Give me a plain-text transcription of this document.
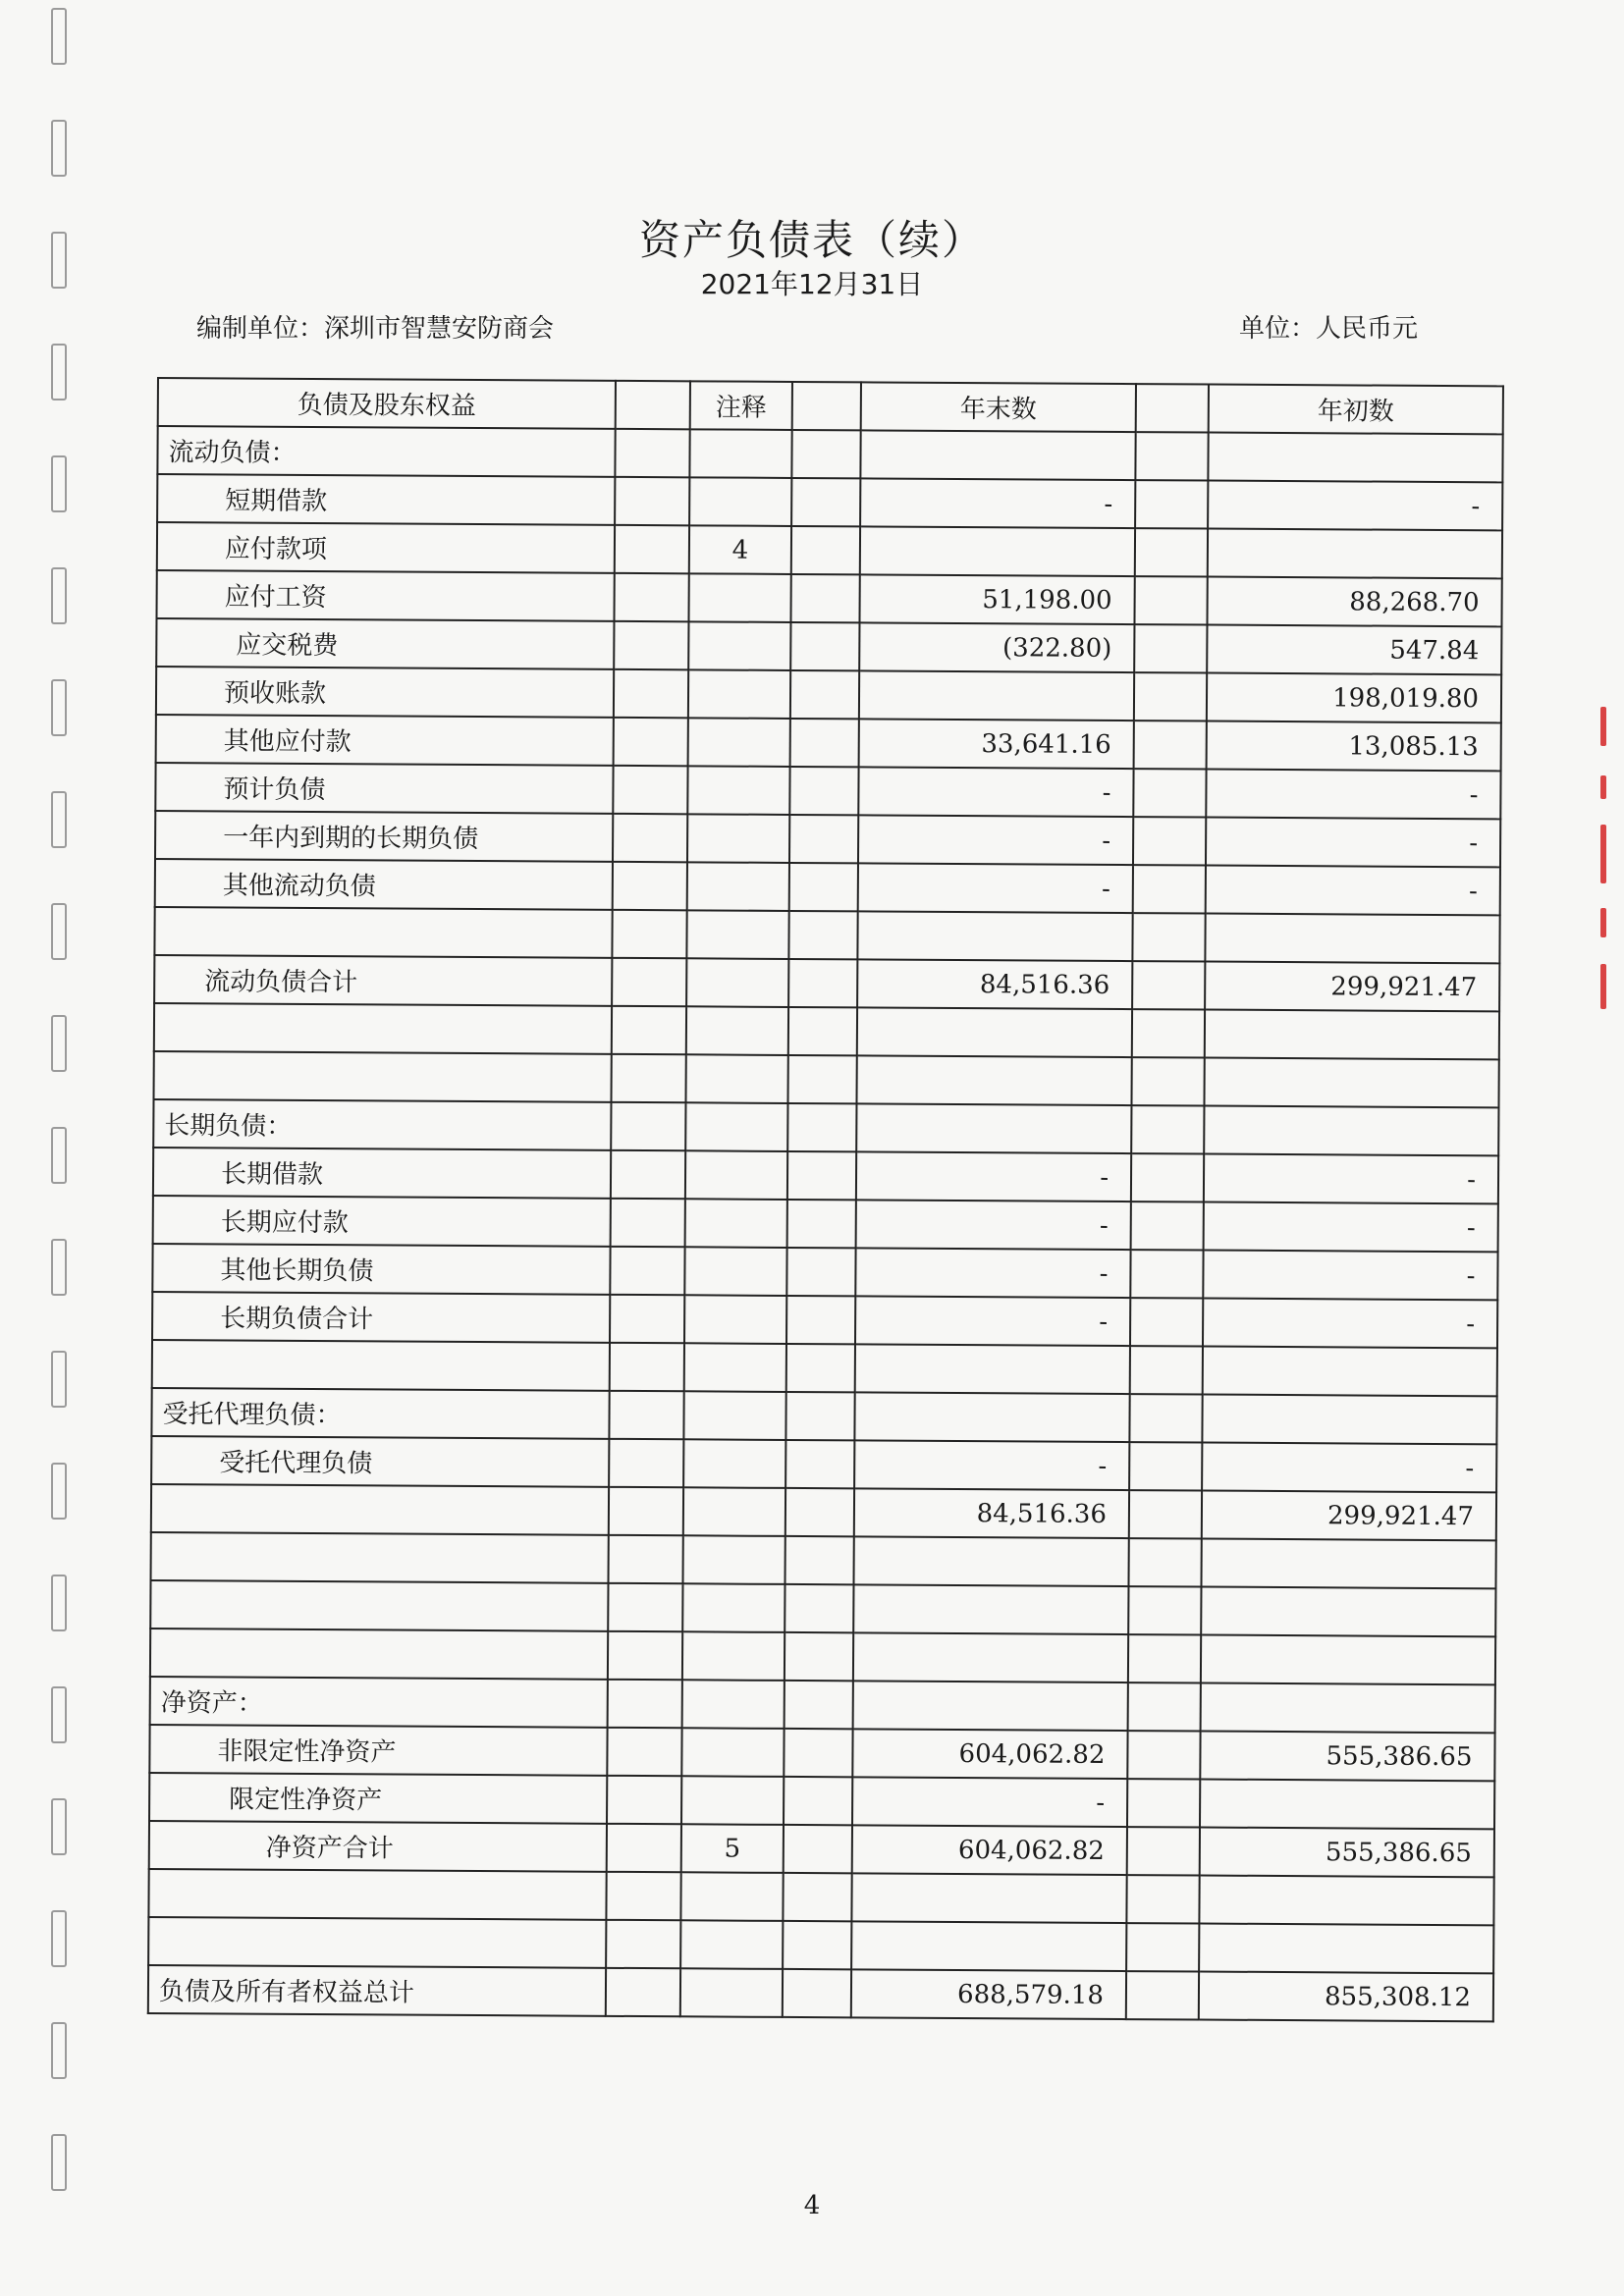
资产负债表（续）
2021年12月31日
编制单位：深圳市智慧安防商会	单位：人民币元
负债及股东权益		注释		年末数		年初数
流动负债：						
短期借款				-		-
应付款项		4				
应付工资				51,198.00		88,268.70
应交税费				(322.80)		547.84
预收账款						198,019.80
其他应付款				33,641.16		13,085.13
预计负债				-		-
一年内到期的长期负债				-		-
其他流动负债				-		-

流动负债合计				84,516.36		299,921.47

长期负债：						
长期借款				-		-
长期应付款				-		-
其他长期负债				-		-
长期负债合计				-		-

受托代理负债：						
受托代理负债				-		-
				84,516.36		299,921.47

净资产：						
非限定性净资产				604,062.82		555,386.65
限定性净资产				-		
净资产合计		5		604,062.82		555,386.65

负债及所有者权益总计				688,579.18		855,308.12
4
